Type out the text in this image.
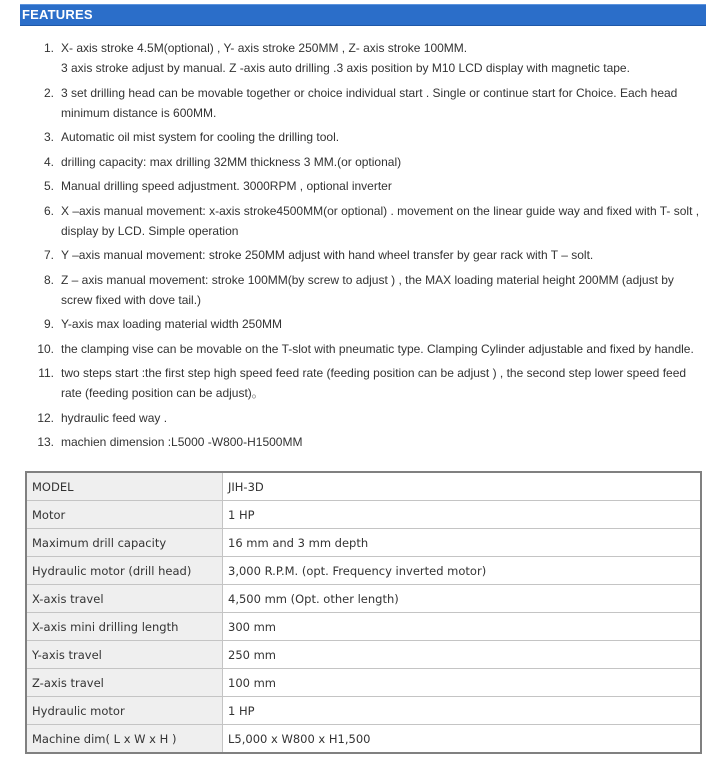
FEATURES
1. X- axis stroke 4.5M(optional) , Y- axis stroke 250MM , Z- axis stroke 100MM.
3 axis stroke adjust by manual. Z -axis auto drilling .3 axis position by M10 LCD display with magnetic tape.
2. 3 set drilling head can be movable together or choice individual start . Single or continue start for Choice. Each head minimum distance is 600MM.
3. Automatic oil mist system for cooling the drilling tool.
4. drilling capacity: max drilling 32MM thickness 3 MM.(or optional)
5. Manual drilling speed adjustment. 3000RPM , optional inverter
6. X –axis manual movement: x-axis stroke4500MM(or optional) . movement on the linear guide way and fixed with T- solt , display by LCD. Simple operation
7. Y –axis manual movement: stroke 250MM adjust with hand wheel transfer by gear rack with T – solt.
8. Z – axis manual movement: stroke 100MM(by screw to adjust ) , the MAX loading material height 200MM (adjust by screw fixed with dove tail.)
9. Y-axis max loading material width 250MM
10. the clamping vise can be movable on the T-slot with pneumatic type. Clamping Cylinder adjustable and fixed by handle.
11. two steps start :the first step high speed feed rate (feeding position can be adjust ) , the second step lower speed feed rate (feeding position can be adjust)。
12. hydraulic feed way .
13. machien dimension :L5000 -W800-H1500MM
MODEL	JIH-3D
Motor	1 HP
Maximum drill capacity	16 mm and 3 mm depth
Hydraulic motor (drill head)	3,000 R.P.M. (opt. Frequency inverted motor)
X-axis travel	4,500 mm (Opt. other length)
X-axis mini drilling length	300 mm
Y-axis travel	250 mm
Z-axis travel	100 mm
Hydraulic motor	1 HP
Machine dim( L x W x H )	L5,000 x W800 x H1,500
